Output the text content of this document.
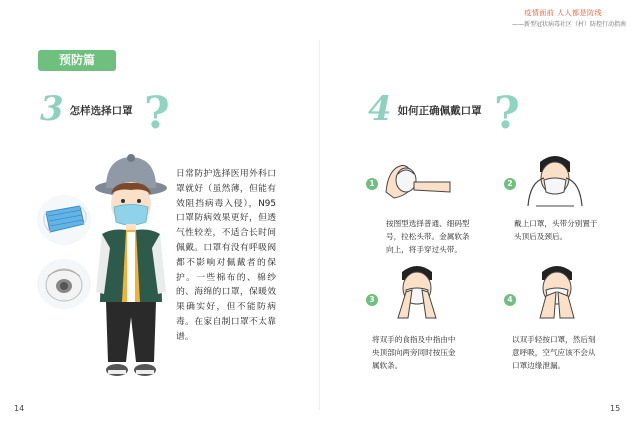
疫情面前 人人都是防线
——新型冠状病毒社区（村）防控行动指南
预防篇
3 怎样选择口罩 ?
日常防护选择医用外科口罩就好（虽然薄，但能有效阻挡病毒入侵），N95口罩防病效果更好，但透气性较差，不适合长时间佩戴。口罩有没有呼吸阀都不影响对佩戴者的保护。一些棉布的、棉纱的、海绵的口罩，保暖效果确实好，但不能防病毒。在家自制口罩不太靠谱。
14
4 如何正确佩戴口罩 ?
1
按图型选择普通、细码型号，拉松头带。金属软条向上，将手穿过头带。
2
戴上口罩，头带分别置于头顶后及颈后。
3
将双手的食指及中指由中央顶部向两旁同时按压金属软条。
4
以双手轻按口罩，然后刻意呼吸，空气应该不会从口罩边缘泄漏。
15
